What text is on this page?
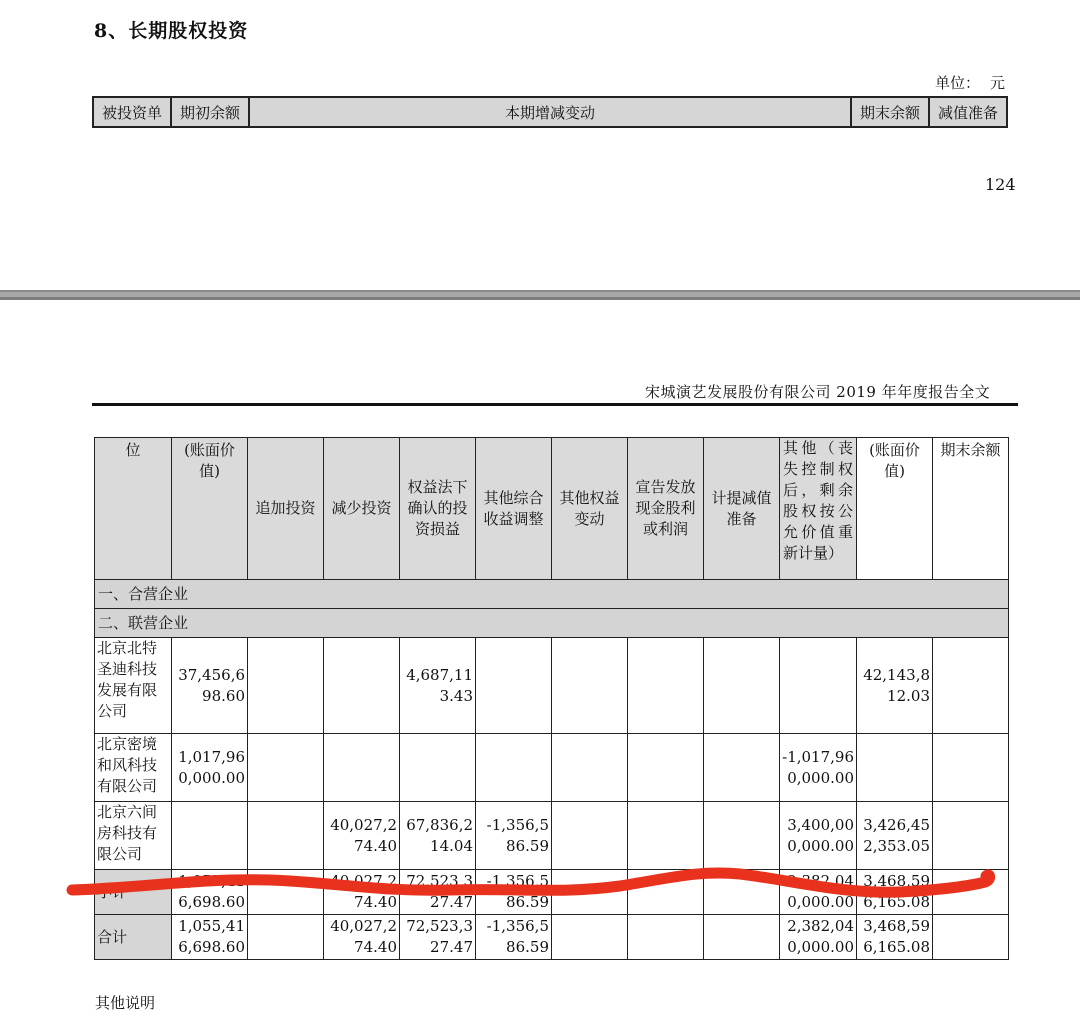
8、长期股权投资
单位： 元
被投资单	期初余额	本期增减变动	期末余额	减值准备
124
宋城演艺发展股份有限公司 2019 年年度报告全文
位	(账面价值)	追加投资	减少投资	权益法下确认的投资损益	其他综合收益调整	其他权益变动	宣告发放现金股利或利润	计提减值准备	其他（丧失控制权后，剩余股权按公允价值重新计量）	(账面价值)	期末余额
一、合营企业											
二、联营企业											
北京北特圣迪科技发展有限公司	37,456,698.60			4,687,113.43						42,143,812.03	
北京密境和风科技有限公司	1,017,960,000.00								-1,017,960,000.00		
北京六间房科技有限公司			40,027,274.40	67,836,214.04	-1,356,586.59				3,400,000,000.00	3,426,452,353.05	
小计	1,055,416,698.60		40,027,274.40	72,523,327.47	-1,356,586.59				2,382,040,000.00	3,468,596,165.08	
合计	1,055,416,698.60		40,027,274.40	72,523,327.47	-1,356,586.59				2,382,040,000.00	3,468,596,165.08	
其他说明
